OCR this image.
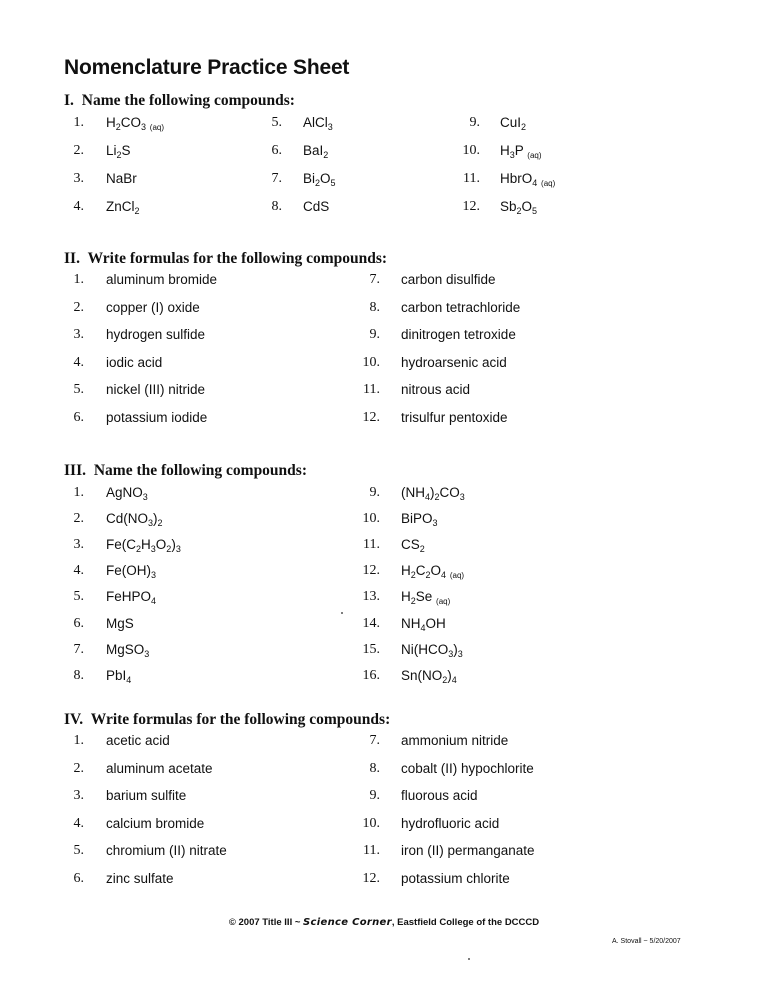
Nomenclature Practice Sheet
I. Name the following compounds:
II. Write formulas for the following compounds:
III. Name the following compounds:
IV. Write formulas for the following compounds:
1. $H_2CO_3$ $_{(aq)}$
2. $Li_2S$
3. NaBr
4. ZnCl$_2$
5. AlCl$_3$
6. BaI$_2$
7. $Bi_2O_5$
8. CdS
9. CuI$_2$
10. $H_3P$ $_{(aq)}$
11. HbrO$_4$ $_{(aq)}$
12. $Sb_2O_5$
1. aluminum bromide
2. copper (I) oxide
3. hydrogen sulfide
4. iodic acid
5. nickel (III) nitride
6. potassium iodide
7. carbon disulfide
8. carbon tetrachloride
9. dinitrogen tetroxide
10. hydroarsenic acid
11. nitrous acid
12. trisulfur pentoxide
1. AgNO$_3$
2. $Cd(NO_3)_2$
3. $Fe(C_2H_3O_2)_3$
4. $Fe(OH)_3$
5. FeHPO$_4$
6. MgS
7. MgSO$_3$
8. PbI$_4$
9. $(NH_4)_2CO_3$
10. BiPO$_3$
11. $CS_2$
12. $H_2C_2O_4$ $_{(aq)}$
13. $H_2Se$ $_{(aq)}$
14. $NH_4OH$
15. $Ni(HCO_3)_3$
16. $Sn(NO_2)_4$
1. acetic acid
2. aluminum acetate
3. barium sulfite
4. calcium bromide
5. chromium (II) nitrate
6. zinc sulfate
7. ammonium nitride
8. cobalt (II) hypochlorite
9. fluorous acid
10. hydrofluoric acid
11. iron (II) permanganate
12. potassium chlorite
© 2007 Title III ~ Science Corner, Eastfield College of the DCCCD
A. Stovall ~ 5/20/2007
